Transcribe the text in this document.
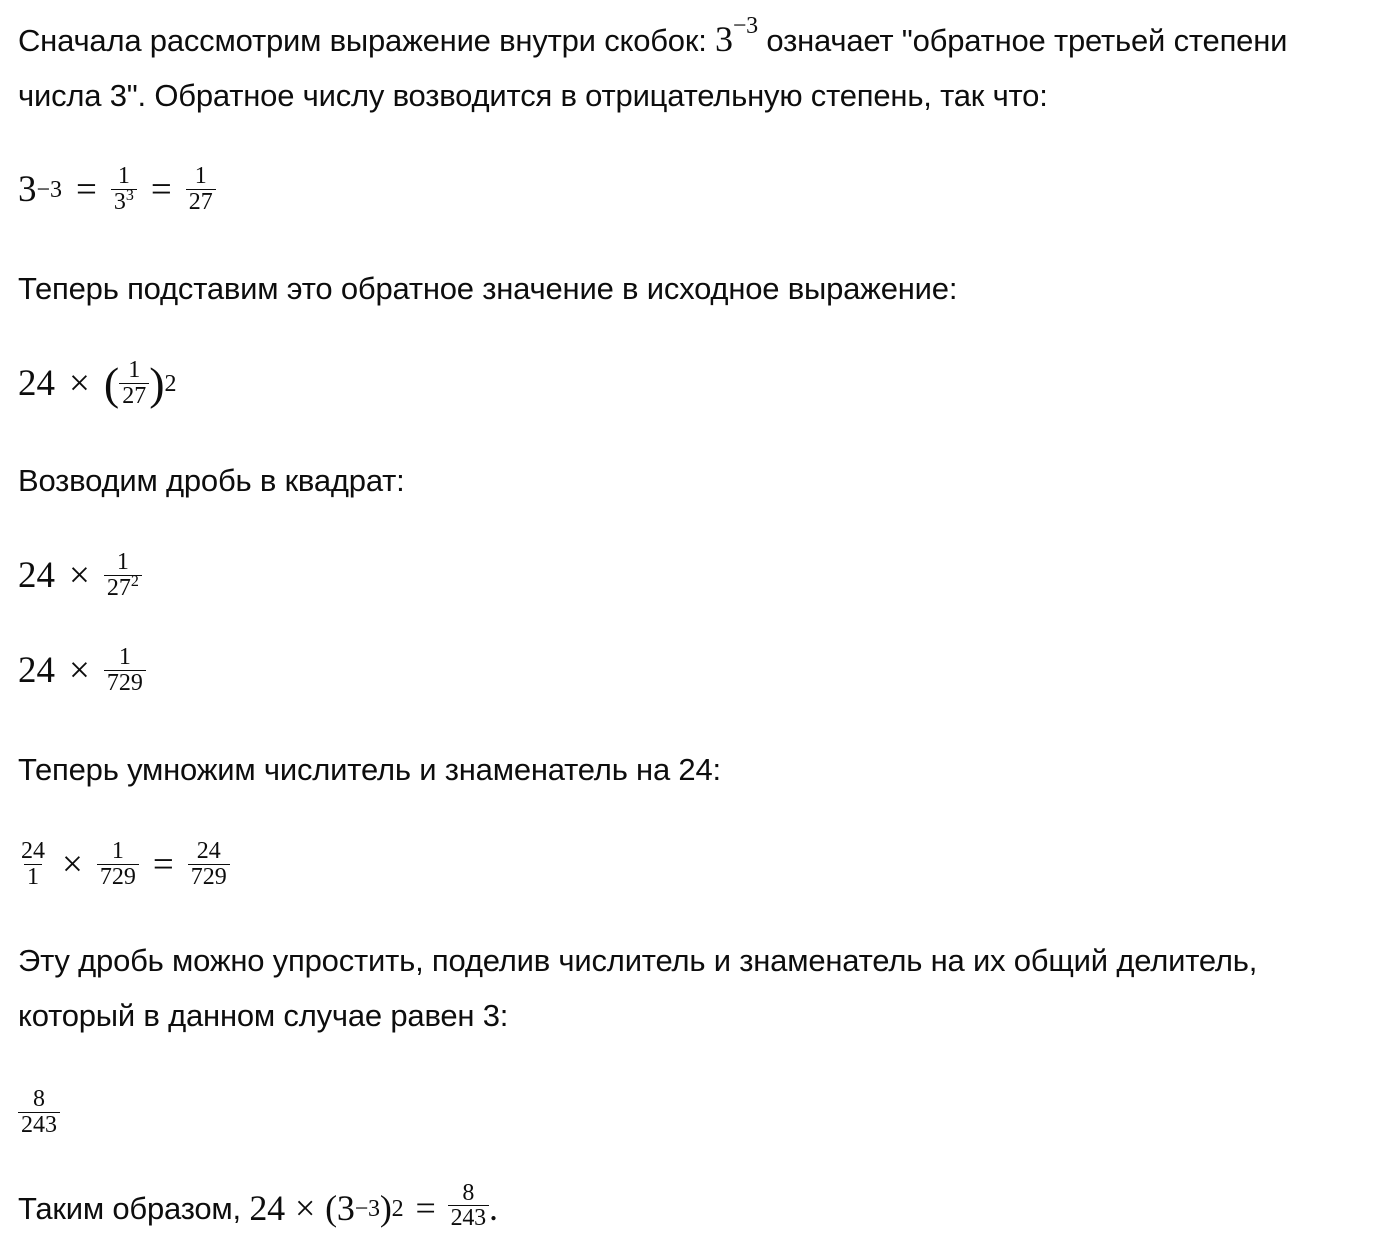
Сначала рассмотрим выражение внутри скобок: $3^{-3}$ означает "обратное третьей степени
числа 3". Обратное числу возводится в отрицательную степень, так что:
$3 -3 = \frac{1}{3^3} = \frac{1}{27}$
Теперь подставим это обратное значение в исходное выражение:
24 × ( $\frac{1}{27}$ ) 2
Возводим дробь в квадрат:
$24 \times \frac{1}{27^2}$
$24 \times \frac{1}{729}$
Теперь умножим числитель и знаменатель на 24:
$\frac{24}{1} \times \frac{1}{729} = \frac{24}{729}$
Эту дробь можно упростить, поделив числитель и знаменатель на их общий делитель,
который в данном случае равен 3:
$\frac{8}{243}$
Таким образом, 24 × ( 3 −3 ) $2 = \frac{8}{243}$ .
